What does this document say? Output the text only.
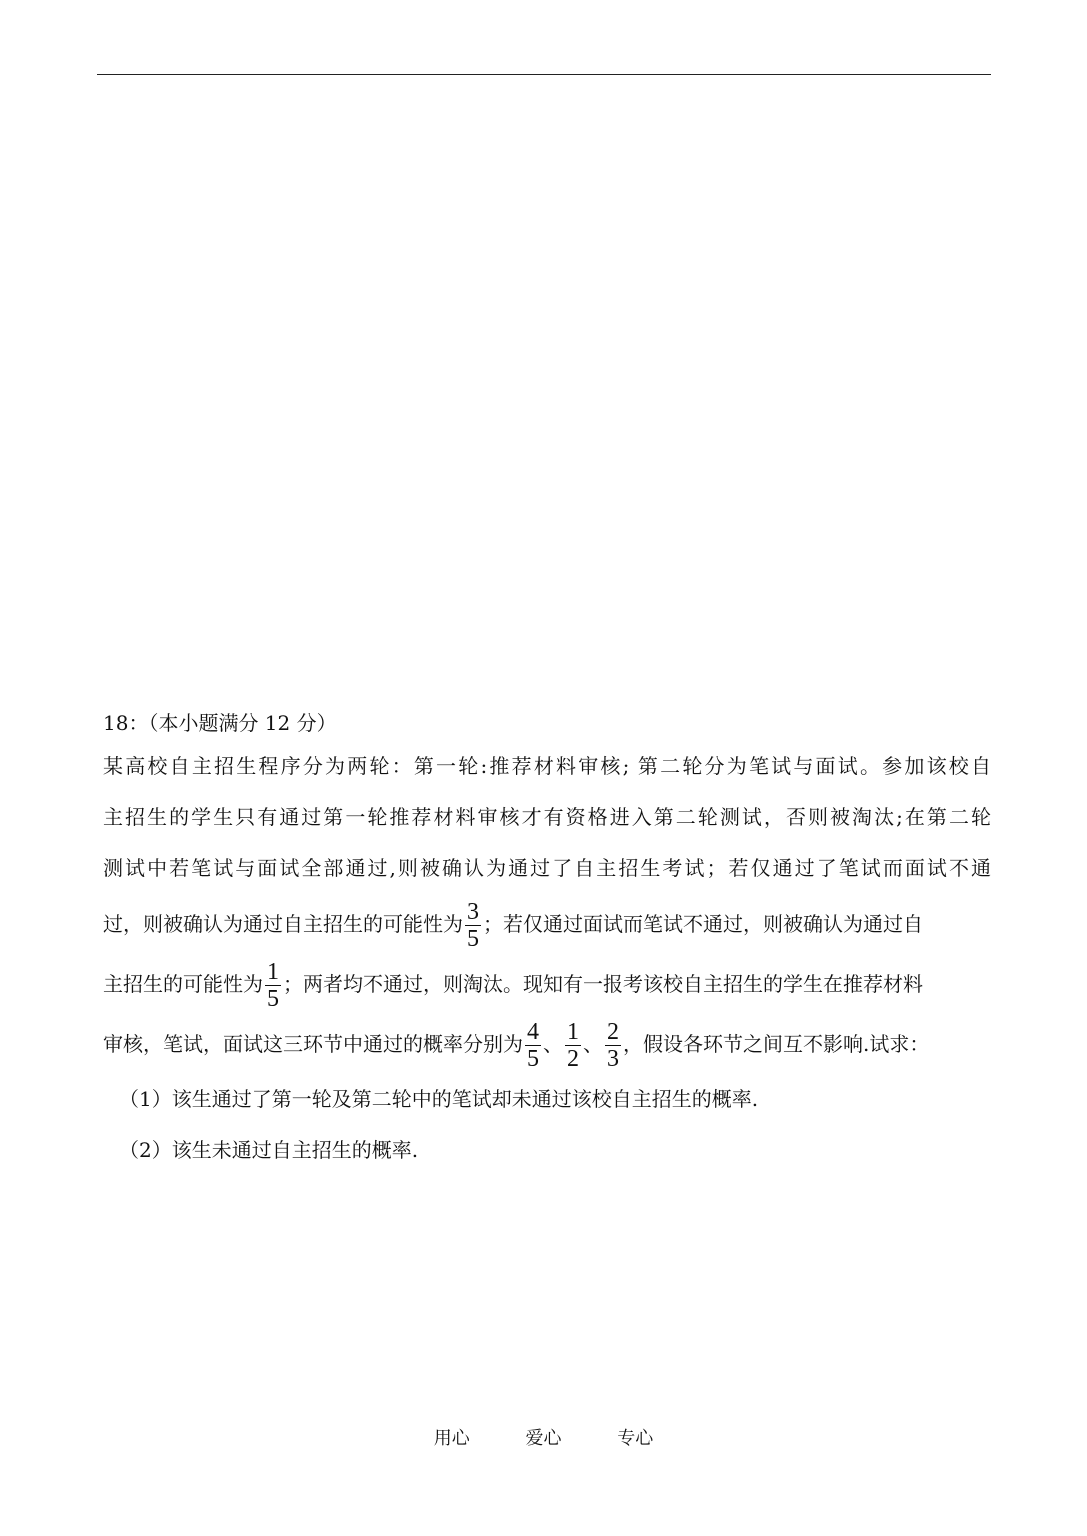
18：（本小题满分 12 分）
某高校自主招生程序分为两轮：第一轮:推荐材料审核; 第二轮分为笔试与面试。参加该校自
主招生的学生只有通过第一轮推荐材料审核才有资格进入第二轮测试，否则被淘汰;在第二轮
测试中若笔试与面试全部通过,则被确认为通过了自主招生考试；若仅通过了笔试而面试不通
过，则被确认为通过自主招生的可能性为 $\frac{3}{5}$ ；若仅通过面试而笔试不通过，则被确认为通过自
主招生的可能性为 $\frac{1}{5}$ ；两者均不通过，则淘汰。现知有一报考该校自主招生的学生在推荐材料
审核，笔试，面试这三环节中通过的概率分别为 $\frac{4}{5}$ 、 $\frac{1}{2}$ 、 $\frac{2}{3}$ ，假设各环节之间互不影响.试求：
（1）该生通过了第一轮及第二轮中的笔试却未通过该校自主招生的概率.
（2）该生未通过自主招生的概率.
用心	爱心	专心
